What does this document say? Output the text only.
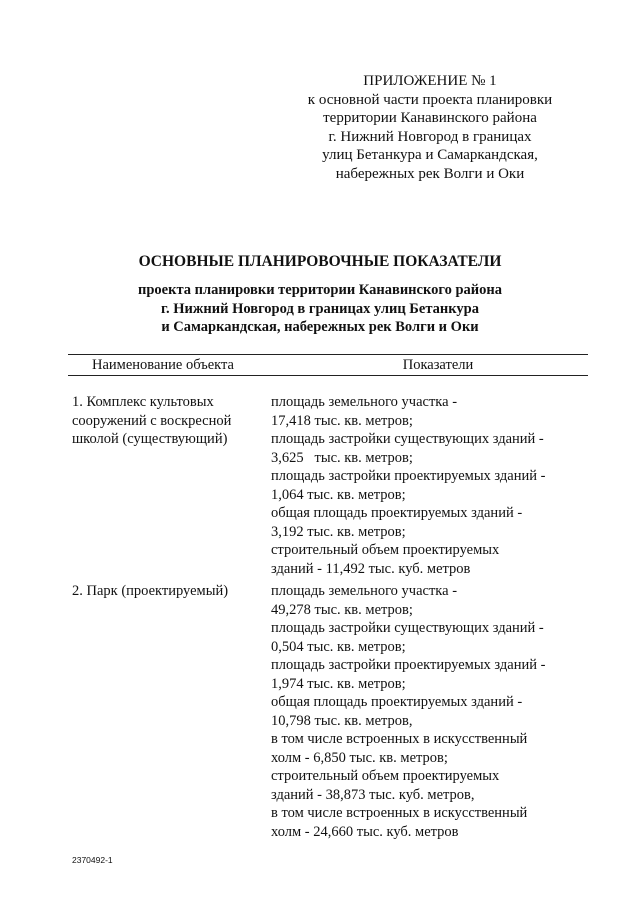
ПРИЛОЖЕНИЕ № 1
к основной части проекта планировки
территории Канавинского района
г. Нижний Новгород в границах
улиц Бетанкура и Самаркандская,
набережных рек Волги и Оки
ОСНОВНЫЕ ПЛАНИРОВОЧНЫЕ ПОКАЗАТЕЛИ
проекта планировки территории Канавинского района
г. Нижний Новгород в границах улиц Бетанкура
и Самаркандская, набережных рек Волги и Оки
Наименование объекта	Показатели
1. Комплекс культовых
сооружений с воскресной
школой (существующий)
площадь земельного участка -
17,418 тыс. кв. метров;
площадь застройки существующих зданий -
3,625   тыс. кв. метров;
площадь застройки проектируемых зданий -
1,064 тыс. кв. метров;
общая площадь проектируемых зданий -
3,192 тыс. кв. метров;
строительный объем проектируемых
зданий - 11,492 тыс. куб. метров
2. Парк (проектируемый)	площадь земельного участка -
49,278 тыс. кв. метров;
площадь застройки существующих зданий -
0,504 тыс. кв. метров;
площадь застройки проектируемых зданий -
1,974 тыс. кв. метров;
общая площадь проектируемых зданий -
10,798 тыс. кв. метров,
в том числе встроенных в искусственный
холм - 6,850 тыс. кв. метров;
строительный объем проектируемых
зданий - 38,873 тыс. куб. метров,
в том числе встроенных в искусственный
холм - 24,660 тыс. куб. метров
2370492-1
